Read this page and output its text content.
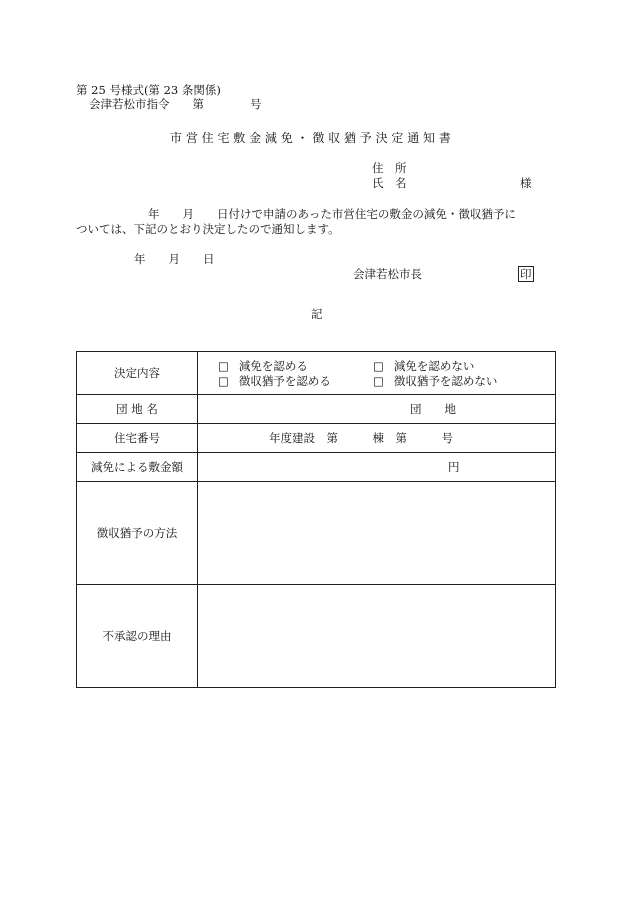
第 25 号様式(第 23 条関係)
会津若松市指令　　第　　　　号
市 営 住 宅 敷 金 減 免 ・ 徴 収 猶 予 決 定 通 知 書
住　所
氏　名	様
年　　月　　日付けで申請のあった市営住宅の敷金の減免・徴収猶予に
ついては、下記のとおり決定したので通知します。
年　　月　　日
会津若松市長	印
記
決定内容	□ 減免を認める □ 減免を認めない
□ 徴収猶予を認める □ 徴収猶予を認めない

団 地 名	団　　地

住宅番号	年度建設　第　　　棟　第　　　号

減免による敷金額	円

徴収猶予の方法	
不承認の理由	
